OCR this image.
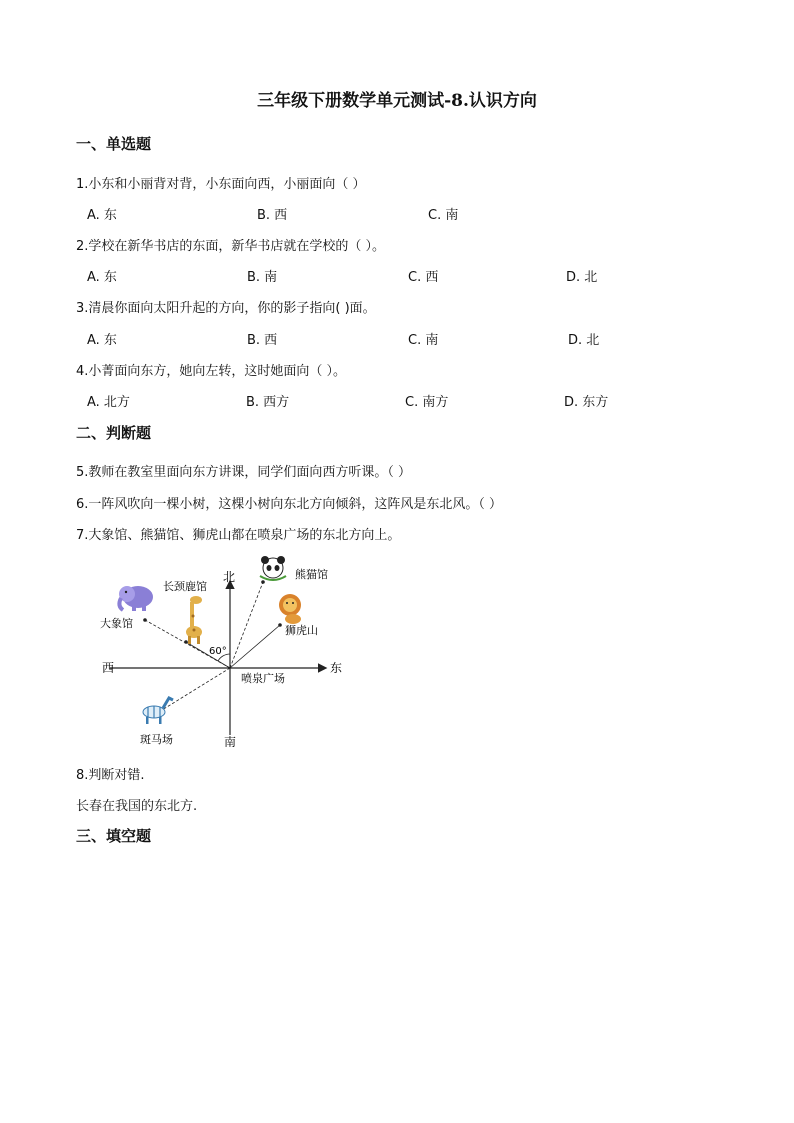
三年级下册数学单元测试-8.认识方向
一、单选题
1.小东和小丽背对背，小东面向西，小丽面向（ ）
A. 东	B. 西	C. 南
2.学校在新华书店的东面，新华书店就在学校的（ ）。
A. 东	B. 南	C. 西	D. 北
3.清晨你面向太阳升起的方向，你的影子指向( )面。
A. 东	B. 西	C. 南	D. 北
4.小菁面向东方，她向左转，这时她面向（ ）。
A. 北方	B. 西方	C. 南方	D. 东方
二、判断题
5.教师在教室里面向东方讲课，同学们面向西方听课。（ ）
6.一阵风吹向一棵小树，这棵小树向东北方向倾斜，这阵风是东北风。（ ）
7.大象馆、熊猫馆、狮虎山都在喷泉广场的东北方向上。
北
南
东
西
喷泉广场
60°
大象馆
长颈鹿馆
熊猫馆
狮虎山
斑马场
8.判断对错.
长春在我国的东北方.
三、填空题
